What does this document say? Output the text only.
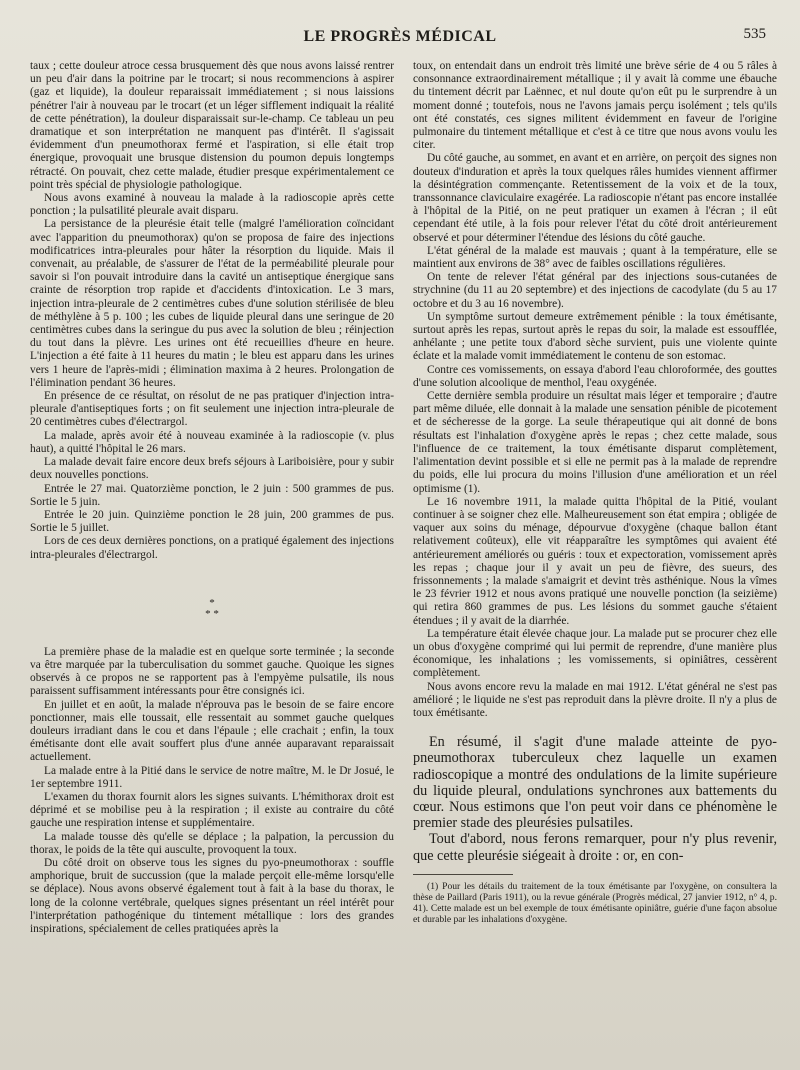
LE PROGRÈS MÉDICAL	535

taux ; cette douleur atroce cessa brusquement dès que nous avons laissé rentrer un peu d'air dans la poitrine par le trocart; si nous recommencions à aspirer (gaz et liquide), la douleur reparaissait immédiatement ; si nous laissions pénétrer l'air à nouveau par le trocart (et un léger sifflement indiquait la réalité de cette pénétration), la douleur disparaissait sur-le-champ. Ce tableau un peu dramatique et son interprétation ne manquent pas d'intérêt. Il s'agissait évidemment d'un pneumothorax fermé et l'aspiration, si elle était trop énergique, provoquait une brusque distension du poumon depuis longtemps rétracté. On pouvait, chez cette malade, étudier presque expérimentalement ce point très spécial de physiologie pathologique.

Nous avons examiné à nouveau la malade à la radioscopie après cette ponction ; la pulsatilité pleurale avait disparu.

La persistance de la pleurésie était telle (malgré l'amélioration coïncidant avec l'apparition du pneumothorax) qu'on se proposa de faire des injections modificatrices intra-pleurales pour hâter la résorption du liquide. Mais il convenait, au préalable, de s'assurer de l'état de la perméabilité pleurale pour savoir si l'on pouvait introduire dans la cavité un antiseptique énergique sans crainte de résorption trop rapide et d'accidents d'intoxication. Le 3 mars, injection intra-pleurale de 2 centimètres cubes d'une solution stérilisée de bleu de méthylène à 5 p. 100 ; les cubes de liquide pleural dans une seringue de 20 centimètres cubes dans la seringue du pus avec la solution de bleu ; réinjection du tout dans la plèvre. Les urines ont été recueillies d'heure en heure. L'injection a été faite à 11 heures du matin ; le bleu est apparu dans les urines vers 1 heure de l'après-midi ; élimination maxima à 2 heures. Prolongation de l'élimination pendant 36 heures.

En présence de ce résultat, on résolut de ne pas pratiquer d'injection intra-pleurale d'antiseptiques forts ; on fit seulement une injection intra-pleurale de 20 centimètres cubes d'électrargol.

La malade, après avoir été à nouveau examinée à la radioscopie (v. plus haut), a quitté l'hôpital le 26 mars.

La malade devait faire encore deux brefs séjours à Lariboisière, pour y subir deux nouvelles ponctions.

Entrée le 27 mai. Quatorzième ponction, le 2 juin : 500 grammes de pus. Sortie le 5 juin.

Entrée le 20 juin. Quinzième ponction le 28 juin, 200 grammes de pus. Sortie le 5 juillet.

Lors de ces deux dernières ponctions, on a pratiqué également des injections intra-pleurales d'électrargol.

*
* *

La première phase de la maladie est en quelque sorte terminée ; la seconde va être marquée par la tuberculisation du sommet gauche. Quoique les signes observés à ce propos ne se rapportent pas à l'empyème pulsatile, ils nous paraissent suffisamment intéressants pour être consignés ici.

En juillet et en août, la malade n'éprouva pas le besoin de se faire encore ponctionner, mais elle toussait, elle ressentait au sommet gauche quelques douleurs irradiant dans le cou et dans l'épaule ; elle crachait ; enfin, la toux émétisante dont elle avait souffert plus d'une année auparavant reparaissait actuellement.

La malade entre à la Pitié dans le service de notre maître, M. le Dr Josué, le 1er septembre 1911.

L'examen du thorax fournit alors les signes suivants. L'hémithorax droit est déprimé et se mobilise peu à la respiration ; il existe au contraire du côté gauche une respiration intense et supplémentaire.

La malade tousse dès qu'elle se déplace ; la palpation, la percussion du thorax, le poids de la tête qui ausculte, provoquent la toux.

Du côté droit on observe tous les signes du pyo-pneumothorax : souffle amphorique, bruit de succussion (que la malade perçoit elle-même lorsqu'elle se déplace). Nous avons observé également tout à fait à la base du thorax, le long de la colonne vertébrale, quelques signes présentant un réel intérêt pour l'interprétation pathogénique du tintement métallique : lors des grandes inspirations, spécialement de celles pratiquées après la

toux, on entendait dans un endroit très limité une brève série de 4 ou 5 râles à consonnance extraordinairement métallique ; il y avait là comme une ébauche du tintement décrit par Laënnec, et nul doute qu'on eût pu le surprendre à un moment donné ; toutefois, nous ne l'avons jamais perçu isolément ; tels qu'ils ont été constatés, ces signes militent évidemment en faveur de l'origine pulmonaire du tintement métallique et c'est à ce titre que nous avons voulu les citer.

Du côté gauche, au sommet, en avant et en arrière, on perçoit des signes non douteux d'induration et après la toux quelques râles humides viennent affirmer la désintégration commençante. Retentissement de la voix et de la toux, transsonnance claviculaire exagérée. La radioscopie n'étant pas encore installée à l'hôpital de la Pitié, on ne peut pratiquer un examen à l'écran ; il eût cependant été utile, à la fois pour relever l'état du côté droit antérieurement observé et pour déterminer l'étendue des lésions du côté gauche.

L'état général de la malade est mauvais ; quant à la température, elle se maintient aux environs de 38° avec de faibles oscillations régulières.

On tente de relever l'état général par des injections sous-cutanées de strychnine (du 11 au 20 septembre) et des injections de cacodylate (du 5 au 17 octobre et du 3 au 16 novembre).

Un symptôme surtout demeure extrêmement pénible : la toux émétisante, surtout après les repas, surtout après le repas du soir, la malade est essoufflée, anhélante ; une petite toux d'abord sèche survient, puis une violente quinte éclate et la malade vomit immédiatement le contenu de son estomac.

Contre ces vomissements, on essaya d'abord l'eau chloroformée, des gouttes d'une solution alcoolique de menthol, l'eau oxygénée.

Cette dernière sembla produire un résultat mais léger et temporaire ; d'autre part même diluée, elle donnait à la malade une sensation pénible de picotement et de sécheresse de la gorge. La seule thérapeutique qui ait donné de bons résultats est l'inhalation d'oxygène après le repas ; chez cette malade, sous l'influence de ce traitement, la toux émétisante disparut complètement, l'alimentation devint possible et si elle ne permit pas à la malade de reprendre du poids, elle lui procura du moins l'illusion d'une amélioration et un réel optimisme (1).

Le 16 novembre 1911, la malade quitta l'hôpital de la Pitié, voulant continuer à se soigner chez elle. Malheureusement son état empira ; obligée de vaquer aux soins du ménage, dépourvue d'oxygène (chaque ballon étant relativement coûteux), elle vit réapparaître les symptômes qui avaient été antérieurement améliorés ou guéris : toux et expectoration, vomissement après les repas ; chaque jour il y avait un peu de fièvre, des sueurs, des frissonnements ; la malade s'amaigrit et devint très asthénique. Nous la vîmes le 23 février 1912 et nous avons pratiqué une nouvelle ponction (la seizième) qui retira 860 grammes de pus. Les lésions du sommet gauche s'étaient étendues ; il y avait de la diarrhée.

La température était élevée chaque jour. La malade put se procurer chez elle un obus d'oxygène comprimé qui lui permit de reprendre, d'une manière plus économique, les inhalations ; les vomissements, si opiniâtres, cessèrent complètement.

Nous avons encore revu la malade en mai 1912. L'état général ne s'est pas amélioré ; le liquide ne s'est pas reproduit dans la plèvre droite. Il n'y a plus de toux émétisante.

En résumé, il s'agit d'une malade atteinte de pyo-pneumothorax tuberculeux chez laquelle un examen radioscopique a montré des ondulations de la limite supérieure du liquide pleural, ondulations synchrones aux battements du cœur. Nous estimons que l'on peut voir dans ce phénomène le premier stade des pleurésies pulsatiles.

Tout d'abord, nous ferons remarquer, pour n'y plus revenir, que cette pleurésie siégeait à droite : or, en con-

(1) Pour les détails du traitement de la toux émétisante par l'oxygène, on consultera la thèse de Paillard (Paris 1911), ou la revue générale (Progrès médical, 27 janvier 1912, n° 4, p. 41). Cette malade est un bel exemple de toux émétisante opiniâtre, guérie d'une façon absolue et durable par les inhalations d'oxygène.
